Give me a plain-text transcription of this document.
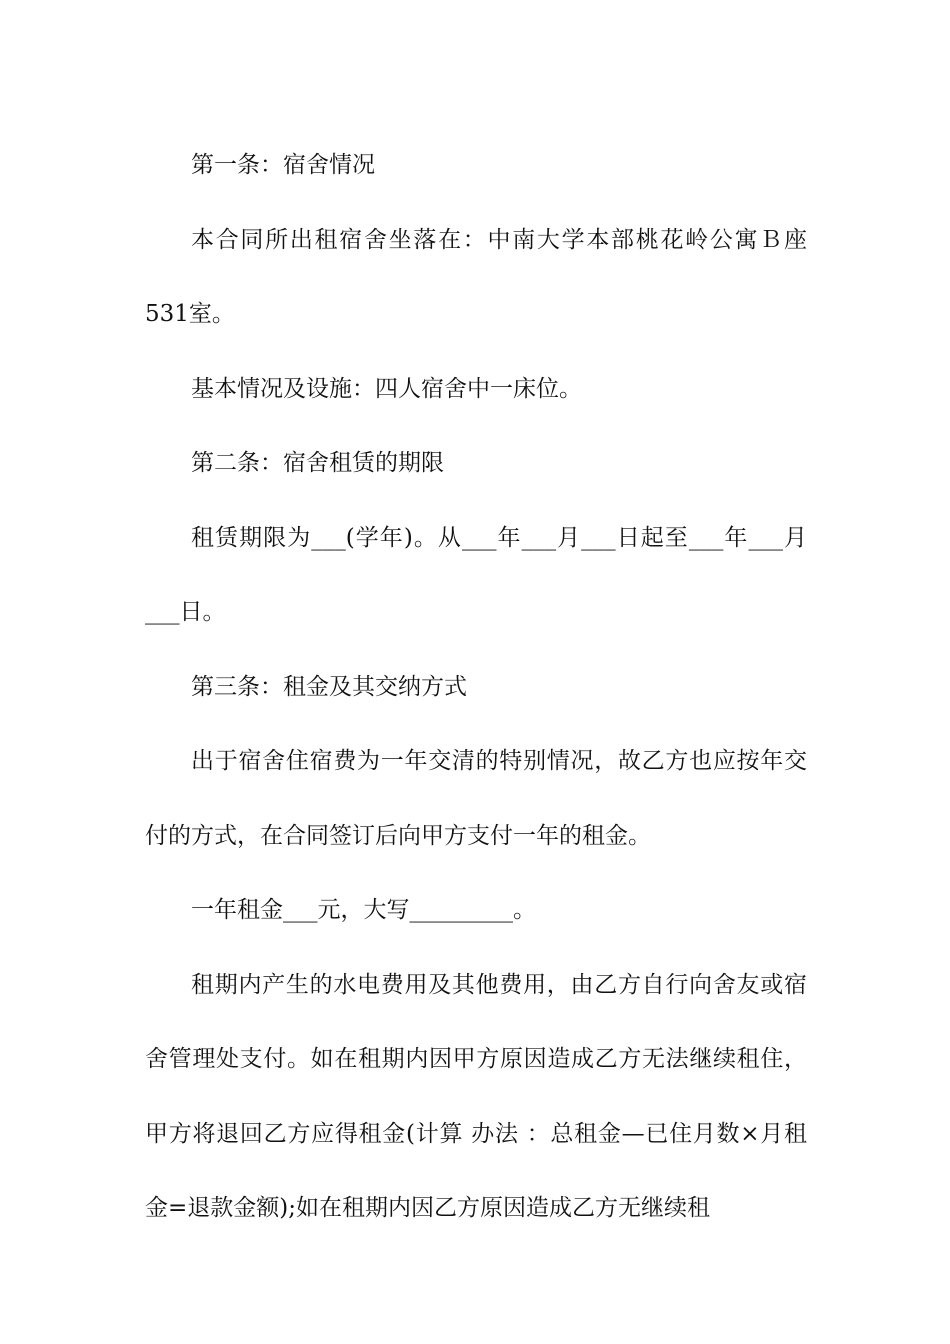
第一条：宿舍情况

本合同所出租宿舍坐落在：中南大学本部桃花岭公寓Ｂ座531室。

基本情况及设施：四人宿舍中一床位。

第二条：宿舍租赁的期限

租赁期限为___(学年)。从___年___月___日起至___年___月___日。

第三条：租金及其交纳方式

出于宿舍住宿费为一年交清的特别情况，故乙方也应按年交付的方式，在合同签订后向甲方支付一年的租金。

一年租金___元，大写_________。

租期内产生的水电费用及其他费用，由乙方自行向舍友或宿舍管理处支付。如在租期内因甲方原因造成乙方无法继续租住，甲方将退回乙方应得租金(计算 办法 ：总租金—已住月数×月租金=退款金额);如在租期内因乙方原因造成乙方无继续租
